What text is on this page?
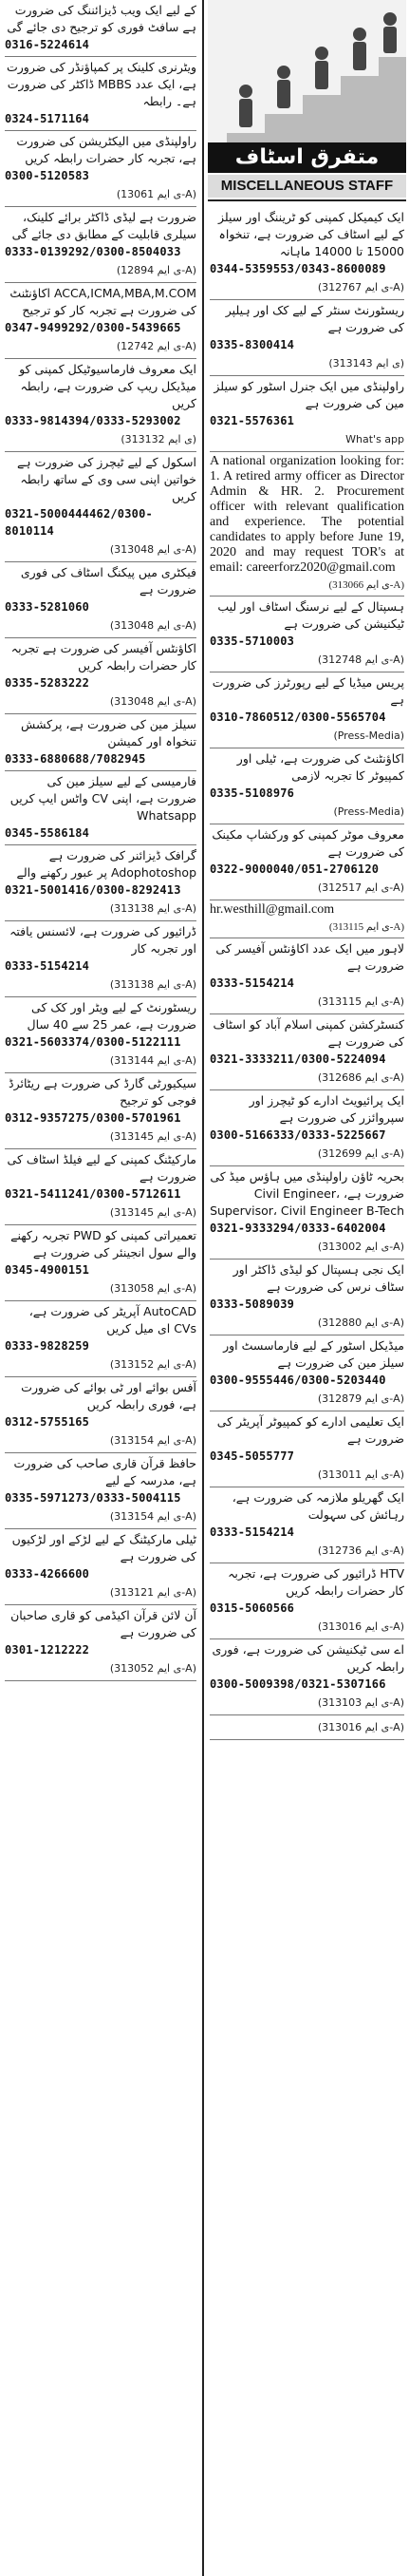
کے لیے ایک ویب ڈیزائننگ کی ضرورت ہے سافٹ فوری کو ترجیح دی جائے گی
0316-5224614
ویٹرنری کلینک پر کمپاؤنڈر کی ضرورت ہے، ایک عدد MBBS ڈاکٹر کی ضرورت ہے۔ رابطہ
0324-5171164
راولپنڈی میں الیکٹریشن کی ضرورت ہے، تجربہ کار حضرات رابطہ کریں
0300-5120583
(ی ایم 13061-A)
ضرورت ہے لیڈی ڈاکٹر برائے کلینک، سیلری قابلیت کے مطابق دی جائے گی
0333-0139292/0300-8504033
(ی ایم 12894-A)
ACCA,ICMA,MBA,M.COM اکاؤنٹنٹ کی ضرورت ہے تجربہ کار کو ترجیح
0347-9499292/0300-5439665
(ی ایم 12742-A)
ایک معروف فارماسیوٹیکل کمپنی کو میڈیکل ریپ کی ضرورت ہے، رابطہ کریں
0333-9814394/0333-5293002
(ی ایم 313132)
اسکول کے لیے ٹیچرز کی ضرورت ہے خواتین اپنی سی وی کے ساتھ رابطہ کریں
0321-5000444462/0300-8010114
(ی ایم 313048-A)
فیکٹری میں پیکنگ اسٹاف کی فوری ضرورت ہے
0333-5281060
(ی ایم 313048-A)
اکاؤنٹس آفیسر کی ضرورت ہے تجربہ کار حضرات رابطہ کریں
0335-5283222
(ی ایم 313048-A)
سیلز مین کی ضرورت ہے، پرکشش تنخواہ اور کمیشن
0333-6880688/7082945
فارمیسی کے لیے سیلز مین کی ضرورت ہے، اپنی CV واٹس ایپ کریں Whatsapp
0345-5586184
گرافک ڈیزائنر کی ضرورت ہے Adophotoshop پر عبور رکھنے والے
0321-5001416/0300-8292413
(ی ایم 313138-A)
ڈرائیور کی ضرورت ہے، لائسنس یافتہ اور تجربہ کار
0333-5154214
(ی ایم 313138-A)
ریسٹورنٹ کے لیے ویٹر اور کک کی ضرورت ہے، عمر 25 سے 40 سال
0321-5603374/0300-5122111
(ی ایم 313144-A)
سیکیورٹی گارڈ کی ضرورت ہے ریٹائرڈ فوجی کو ترجیح
0312-9357275/0300-5701961
(ی ایم 313145-A)
مارکیٹنگ کمپنی کے لیے فیلڈ اسٹاف کی ضرورت ہے
0321-5411241/0300-5712611
(ی ایم 313145-A)
تعمیراتی کمپنی کو PWD تجربہ رکھنے والے سول انجینئر کی ضرورت ہے
0345-4900151
(ی ایم 313058-A)
AutoCAD آپریٹر کی ضرورت ہے، CVs ای میل کریں
0333-9828259
(ی ایم 313152-A)
آفس بوائے اور ٹی بوائے کی ضرورت ہے، فوری رابطہ کریں
0312-5755165
(ی ایم 313154-A)
حافظ قرآن قاری صاحب کی ضرورت ہے، مدرسہ کے لیے
0335-5971273/0333-5004115
(ی ایم 313154-A)
ٹیلی مارکیٹنگ کے لیے لڑکے اور لڑکیوں کی ضرورت ہے
0333-4266600
(ی ایم 313121-A)
آن لائن قرآن اکیڈمی کو قاری صاحبان کی ضرورت ہے
0301-1212222
(ی ایم 313052-A)
متفرق اسٹاف
MISCELLANEOUS STAFF
ایک کیمیکل کمپنی کو ٹریننگ اور سیلز کے لیے اسٹاف کی ضرورت ہے، تنخواہ 15000 تا 14000 ماہانہ
0344-5359553/0343-8600089
(ی ایم 312767-A)
ریسٹورنٹ سنٹر کے لیے کک اور ہیلپر کی ضرورت ہے
0335-8300414
(ی ایم 313143)
راولپنڈی میں ایک جنرل اسٹور کو سیلز مین کی ضرورت ہے
0321-5576361
What's app
A national organization looking for: 1. A retired army officer as Director Admin & HR. 2. Procurement officer with relevant qualification and experience. The potential candidates to apply before June 19, 2020 and may request TOR's at email: careerforz2020@gmail.com
(ی ایم 313066-A)
ہسپتال کے لیے نرسنگ اسٹاف اور لیب ٹیکنیشن کی ضرورت ہے
0335-5710003
(ی ایم 312748-A)
پریس میڈیا کے لیے رپورٹرز کی ضرورت ہے
0310-7860512/0300-5565704
(Press-Media)
اکاؤنٹنٹ کی ضرورت ہے، ٹیلی اور کمپیوٹر کا تجربہ لازمی
0335-5108976
(Press-Media)
معروف موٹر کمپنی کو ورکشاپ مکینک کی ضرورت ہے
0322-9000040/051-2706120
(ی ایم 312517-A)
hr.westhill@gmail.com
(ی ایم 313115-A)
لاہور میں ایک عدد اکاؤنٹس آفیسر کی ضرورت ہے
0333-5154214
(ی ایم 313115-A)
کنسٹرکشن کمپنی اسلام آباد کو اسٹاف کی ضرورت ہے
0321-3333211/0300-5224094
(ی ایم 312686-A)
ایک پرائیویٹ ادارے کو ٹیچرز اور سپروائزر کی ضرورت ہے
0300-5166333/0333-5225667
(ی ایم 312699-A)
بحریہ ٹاؤن راولپنڈی میں ہاؤس میڈ کی ضرورت ہے، Civil Engineer، Supervisor، Civil Engineer B-Tech
0321-9333294/0333-6402004
(ی ایم 313002-A)
ایک نجی ہسپتال کو لیڈی ڈاکٹر اور سٹاف نرس کی ضرورت ہے
0333-5089039
(ی ایم 312880-A)
میڈیکل اسٹور کے لیے فارماسسٹ اور سیلز مین کی ضرورت ہے
0300-9555446/0300-5203440
(ی ایم 312879-A)
ایک تعلیمی ادارے کو کمپیوٹر آپریٹر کی ضرورت ہے
0345-5055777
(ی ایم 313011-A)
ایک گھریلو ملازمہ کی ضرورت ہے، رہائش کی سہولت
0333-5154214
(ی ایم 312736-A)
HTV ڈرائیور کی ضرورت ہے، تجربہ کار حضرات رابطہ کریں
0315-5060566
(ی ایم 313016-A)
اے سی ٹیکنیشن کی ضرورت ہے، فوری رابطہ کریں
0300-5009398/0321-5307166
(ی ایم 313103-A)
(ی ایم 313016-A)
